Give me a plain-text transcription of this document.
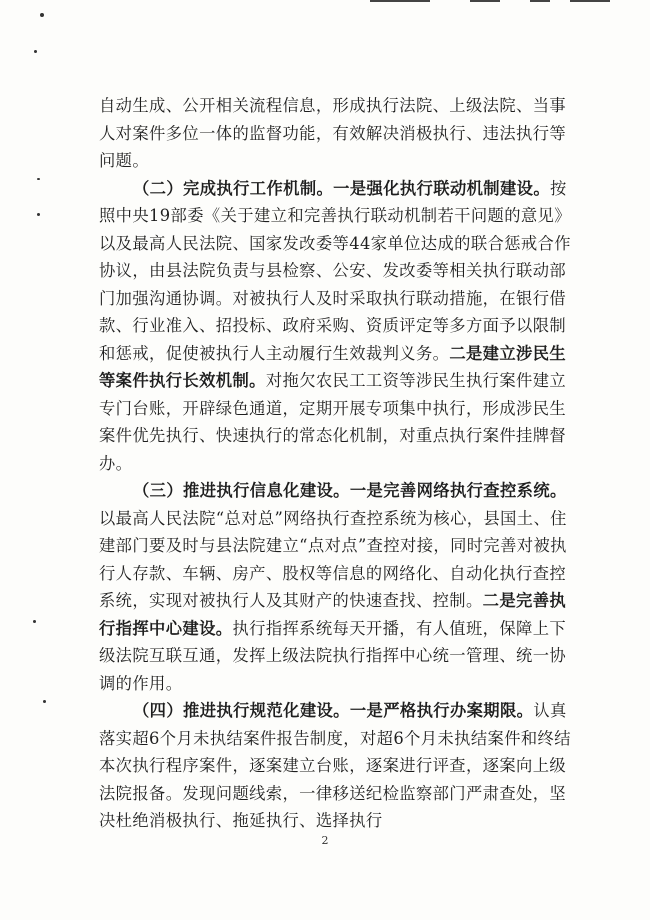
自动生成、公开相关流程信息，形成执行法院、上级法院、当事人对案件多位一体的监督功能，有效解决消极执行、违法执行等问题。

（二）完成执行工作机制。一是强化执行联动机制建设。按照中央19部委《关于建立和完善执行联动机制若干问题的意见》以及最高人民法院、国家发改委等44家单位达成的联合惩戒合作协议，由县法院负责与县检察、公安、发改委等相关执行联动部门加强沟通协调。对被执行人及时采取执行联动措施，在银行借款、行业准入、招投标、政府采购、资质评定等多方面予以限制和惩戒，促使被执行人主动履行生效裁判义务。二是建立涉民生等案件执行长效机制。对拖欠农民工工资等涉民生执行案件建立专门台账，开辟绿色通道，定期开展专项集中执行，形成涉民生案件优先执行、快速执行的常态化机制，对重点执行案件挂牌督办。

（三）推进执行信息化建设。一是完善网络执行查控系统。以最高人民法院“总对总”网络执行查控系统为核心，县国土、住建部门要及时与县法院建立“点对点”查控对接，同时完善对被执行人存款、车辆、房产、股权等信息的网络化、自动化执行查控系统，实现对被执行人及其财产的快速查找、控制。二是完善执行指挥中心建设。执行指挥系统每天开播，有人值班，保障上下级法院互联互通，发挥上级法院执行指挥中心统一管理、统一协调的作用。

（四）推进执行规范化建设。一是严格执行办案期限。认真落实超6个月未执结案件报告制度，对超6个月未执结案件和终结本次执行程序案件，逐案建立台账，逐案进行评查，逐案向上级法院报备。发现问题线索，一律移送纪检监察部门严肃查处，坚决杜绝消极执行、拖延执行、选择执行

2
